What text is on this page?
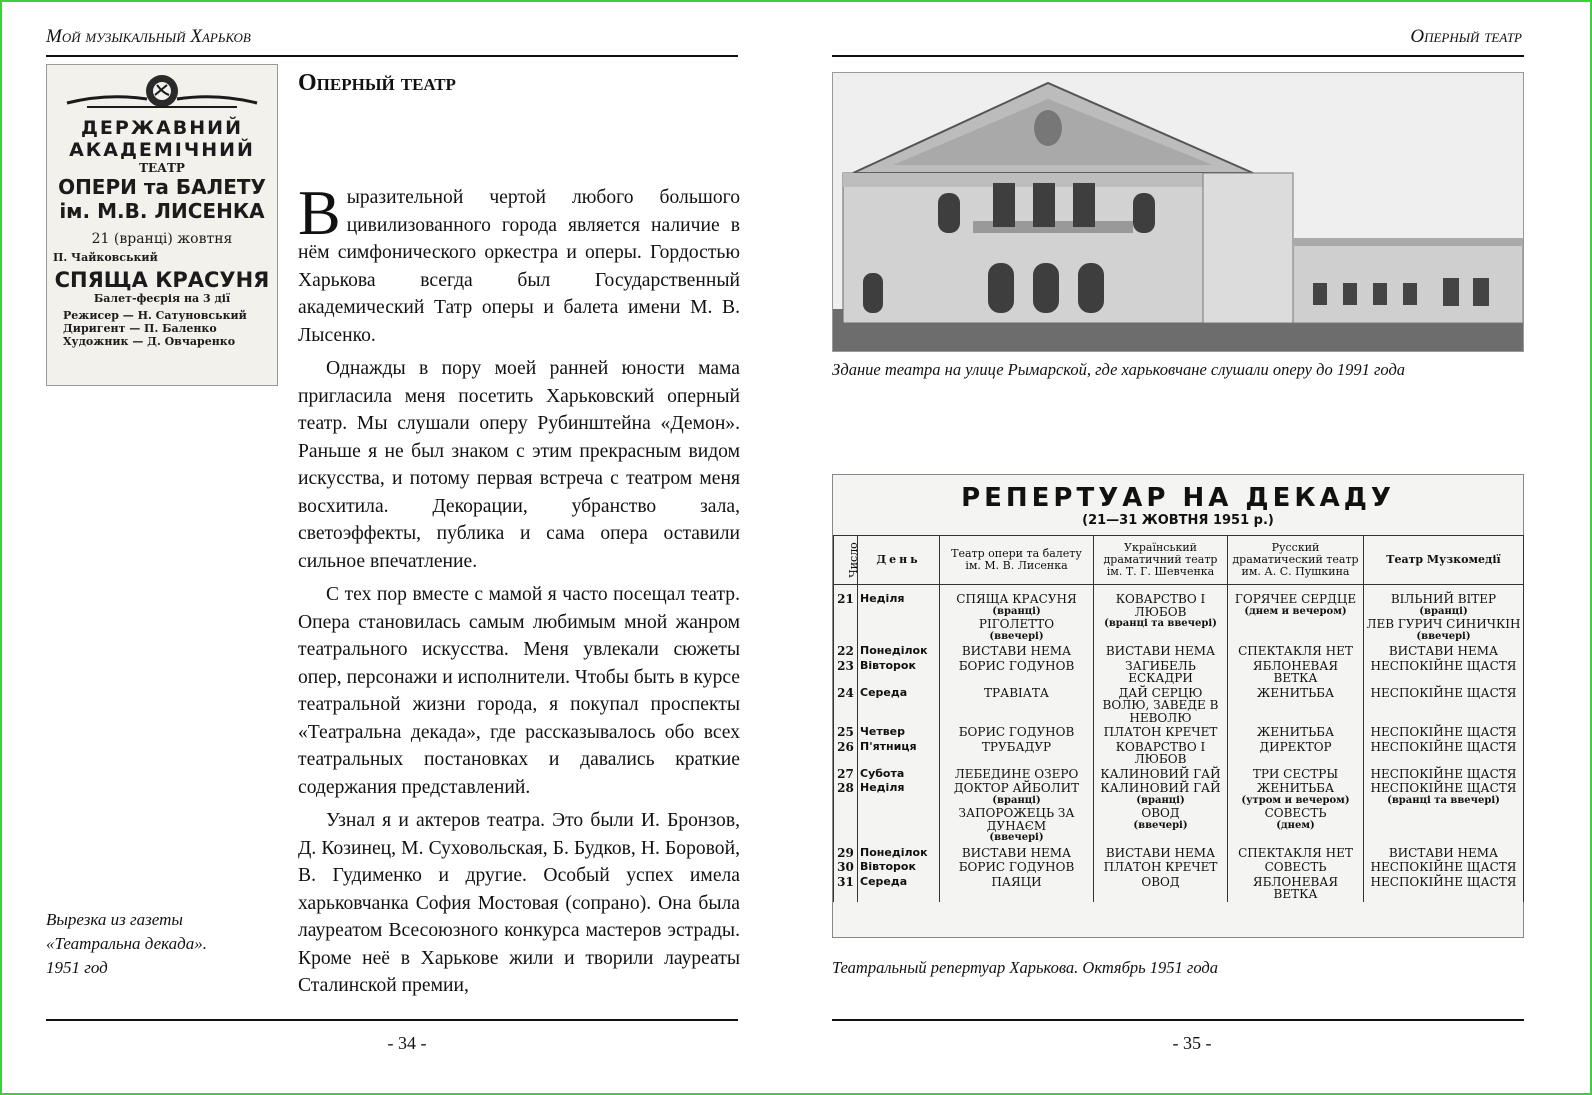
Мой музыкальный Харьков
ДЕРЖАВНИЙ
АКАДЕМІЧНИЙ
ТЕАТР
ОПЕРИ та БАЛЕТУ
ім. М.В. ЛИСЕНКА
21 (вранці) жовтня
П. Чайковський
СПЯЩА КРАСУНЯ
Балет-феєрія на 3 дії
Режисер — Н. Сатуновський
Диригент — П. Баленко
Художник — Д. Овчаренко
Оперный театр

Выразительной чертой любого большого цивилизованного города является наличие в нём симфонического оркестра и оперы. Гордостью Харькова всегда был Государственный академический Татр оперы и балета имени М. В. Лысенко.

Однажды в пору моей ранней юности мама пригласила меня посетить Харьковский оперный театр. Мы слушали оперу Рубинштейна «Демон». Раньше я не был знаком с этим прекрасным видом искусства, и потому первая встреча с театром меня восхитила. Декорации, убранство зала, светоэффекты, публика и сама опера оставили сильное впечатление.

С тех пор вместе с мамой я часто посещал театр. Опера становилась самым любимым мной жанром театрального искусства. Меня увлекали сюжеты опер, персонажи и исполнители. Чтобы быть в курсе театральной жизни города, я покупал проспекты «Театральна декада», где рассказывалось обо всех театральных постановках и давались краткие содержания представлений.

Узнал я и актеров театра. Это были И. Бронзов, Д. Козинец, М. Суховольская, Б. Будков, Н. Боровой, В. Гудименко и другие. Особый успех имела харьковчанка София Мостовая (сопрано). Она была лауреатом Всесоюзного конкурса мастеров эстрады. Кроме неё в Харькове жили и творили лауреаты Сталинской премии,

Вырезка из газеты
«Театральна декада».
1951 год
- 34 -
Оперный театр
Здание театра на улице Рымарской, где харьковчане слушали оперу до 1991 года
РЕПЕРТУАР НА ДЕКАДУ
(21—31 ЖОВТНЯ 1951 р.)
Число	День	Театр опери та балету ім. М. В. Лисенка	Український драматичний театр ім. Т. Г. Шевченка	Русский драматический театр им. А. С. Пушкина	Театр Музкомедії

21	Неділя	СПЯЩА КРАСУНЯ
(вранці)
РІГОЛЕТТО
(ввечері)	КОВАРСТВО І ЛЮБОВ
(вранці та ввечері)	ГОРЯЧЕЕ СЕРДЦЕ
(днем и вечером)	ВІЛЬНИЙ ВІТЕР
(вранці)
ЛЕВ ГУРИЧ СИНИЧКІН
(ввечері)

22	Понеділок	ВИСТАВИ НЕМА	ВИСТАВИ НЕМА	СПЕКТАКЛЯ НЕТ	ВИСТАВИ НЕМА

23	Вівторок	БОРИС ГОДУНОВ	ЗАГИБЕЛЬ ЕСКАДРИ	ЯБЛОНЕВАЯ ВЕТКА	НЕСПОКІЙНЕ ЩАСТЯ

24	Середа	ТРАВІАТА	ДАЙ СЕРЦЮ ВОЛЮ, ЗАВЕДЕ В НЕВОЛЮ	ЖЕНИТЬБА	НЕСПОКІЙНЕ ЩАСТЯ

25	Четвер	БОРИС ГОДУНОВ	ПЛАТОН КРЕЧЕТ	ЖЕНИТЬБА	НЕСПОКІЙНЕ ЩАСТЯ

26	П'ятниця	ТРУБАДУР	КОВАРСТВО І ЛЮБОВ	ДИРЕКТОР	НЕСПОКІЙНЕ ЩАСТЯ

27	Субота	ЛЕБЕДИНЕ ОЗЕРО	КАЛИНОВИЙ ГАЙ	ТРИ СЕСТРЫ	НЕСПОКІЙНЕ ЩАСТЯ

28	Неділя	ДОКТОР АЙБОЛИТ
(вранці)
ЗАПОРОЖЕЦЬ ЗА ДУНАЄМ
(ввечері)	КАЛИНОВИЙ ГАЙ
(вранці)
ОВОД
(ввечері)	ЖЕНИТЬБА
(утром и вечером)
СОВЕСТЬ
(днем)	НЕСПОКІЙНЕ ЩАСТЯ
(вранці та ввечері)

29	Понеділок	ВИСТАВИ НЕМА	ВИСТАВИ НЕМА	СПЕКТАКЛЯ НЕТ	ВИСТАВИ НЕМА

30	Вівторок	БОРИС ГОДУНОВ	ПЛАТОН КРЕЧЕТ	СОВЕСТЬ	НЕСПОКІЙНЕ ЩАСТЯ

31	Середа	ПАЯЦИ	ОВОД	ЯБЛОНЕВАЯ ВЕТКА	НЕСПОКІЙНЕ ЩАСТЯ
Театральный репертуар Харькова. Октябрь 1951 года
- 35 -
